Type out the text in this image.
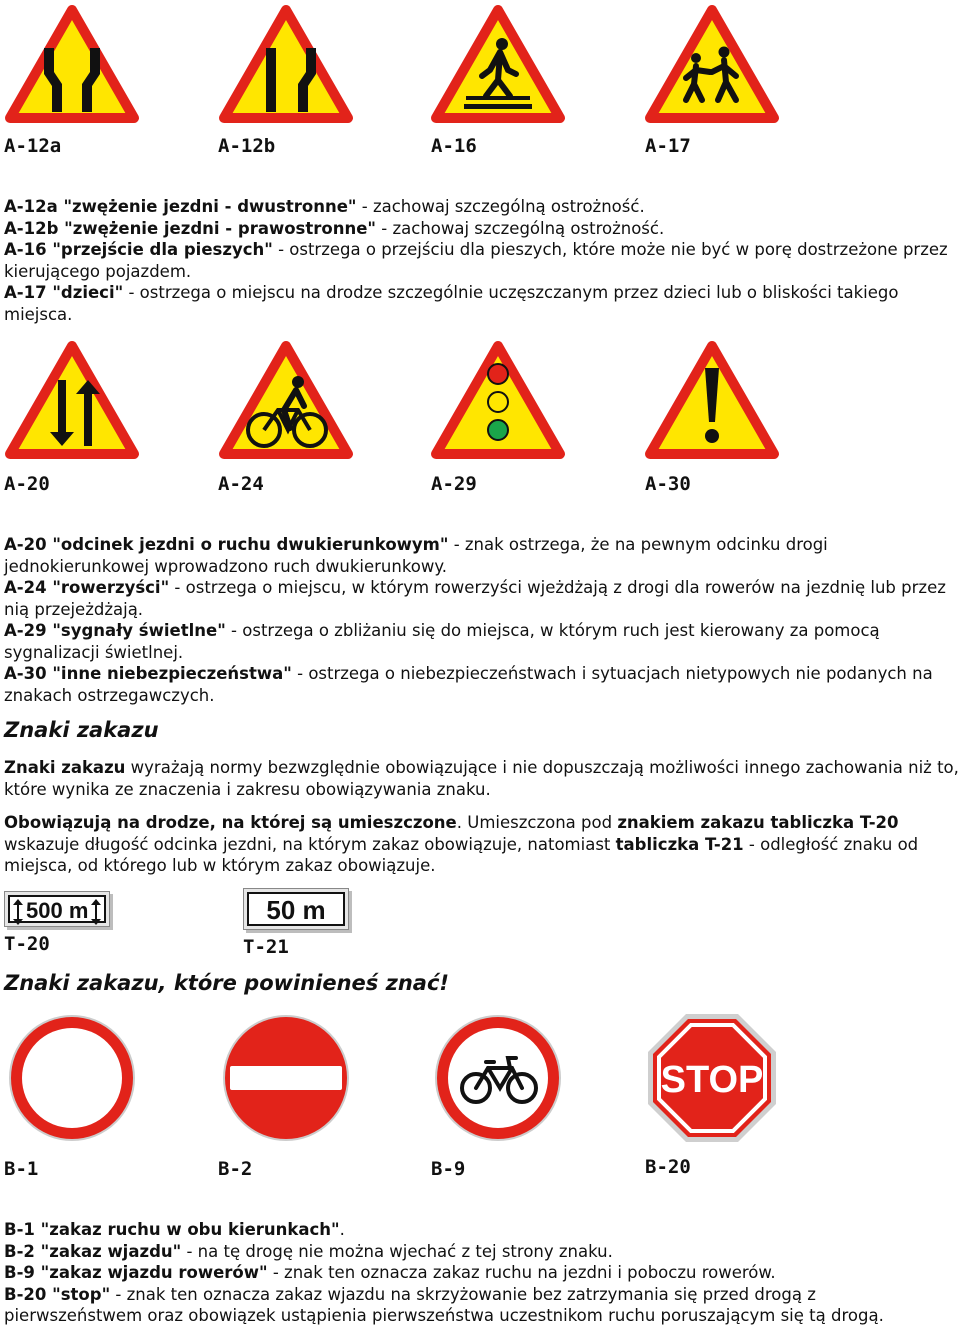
A-12a	A-12b	A-16	A-17

A-12a "zwężenie jezdni - dwustronne" - zachowaj szczególną ostrożność.

A-12b "zwężenie jezdni - prawostronne" - zachowaj szczególną ostrożność.

A-16 "przejście dla pieszych" - ostrzega o przejściu dla pieszych, które może nie być w porę dostrzeżone przez kierującego pojazdem.

A-17 "dzieci" - ostrzega o miejscu na drodze szczególnie uczęszczanym przez dzieci lub o bliskości takiego miejsca.

A-20	A-24	A-29	A-30

A-20 "odcinek jezdni o ruchu dwukierunkowym" - znak ostrzega, że na pewnym odcinku drogi jednokierunkowej wprowadzono ruch dwukierunkowy.

A-24 "rowerzyści" - ostrzega o miejscu, w którym rowerzyści wjeżdżają z drogi dla rowerów na jezdnię lub przez nią przejeżdżają.

A-29 "sygnały świetlne" - ostrzega o zbliżaniu się do miejsca, w którym ruch jest kierowany za pomocą sygnalizacji świetlnej.

A-30 "inne niebezpieczeństwa" - ostrzega o niebezpieczeństwach i sytuacjach nietypowych nie podanych na znakach ostrzegawczych.

Znaki zakazu

Znaki zakazu wyrażają normy bezwzględnie obowiązujące i nie dopuszczają możliwości innego zachowania niż to, które wynika ze znaczenia i zakresu obowiązywania znaku.

Obowiązują na drodze, na której są umieszczone. Umieszczona pod znakiem zakazu tabliczka T-20 wskazuje długość odcinka jezdni, na którym zakaz obowiązuje, natomiast tabliczka T-21 - odległość znaku od miejsca, od którego lub w którym zakaz obowiązuje.

500 m
T-20
50 m
T-21
Znaki zakazu, które powinieneś znać!
STOP
B-1	B-2	B-9	B-20

B-1 "zakaz ruchu w obu kierunkach".

B-2 "zakaz wjazdu" - na tę drogę nie można wjechać z tej strony znaku.

B-9 "zakaz wjazdu rowerów" - znak ten oznacza zakaz ruchu na jezdni i poboczu rowerów.

B-20 "stop" - znak ten oznacza zakaz wjazdu na skrzyżowanie bez zatrzymania się przed drogą z pierwszeństwem oraz obowiązek ustąpienia pierwszeństwa uczestnikom ruchu poruszającym się tą drogą.
